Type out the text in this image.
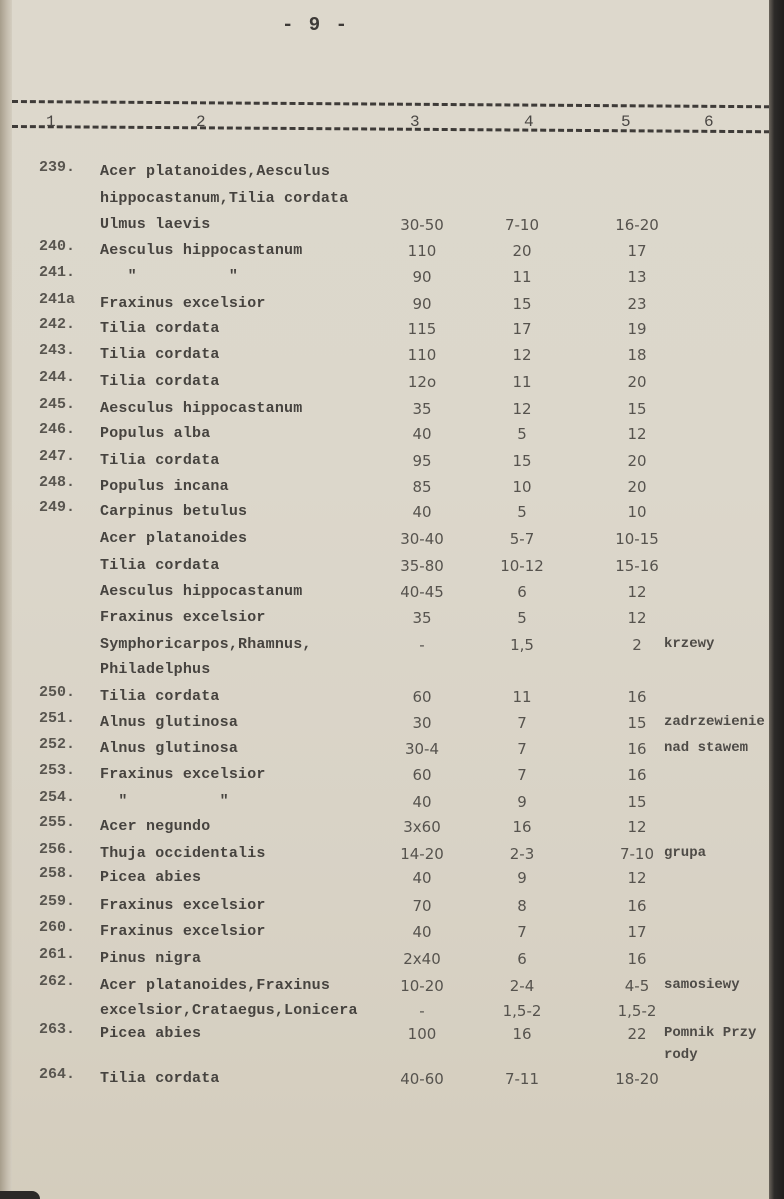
- 9 -
1	2	3	4	5	6
239. Acer platanoides,Aesculus
hippocastanum,Tilia cordata
Ulmus laevis	30-50	7-10	16-20
240. Aesculus hippocastanum	110	20	17
241. "          "	90	11	13
241a Fraxinus excelsior	90	15	23
242. Tilia cordata	115	17	19
243. Tilia cordata	110	12	18
244. Tilia cordata	12o	11	20
245. Aesculus hippocastanum	35	12	15
246. Populus alba	40	5	12
247. Tilia cordata	95	15	20
248. Populus incana	85	10	20
249. Carpinus betulus	40	5	10
Acer platanoides	30-40	5-7	10-15
Tilia cordata	35-80	10-12	15-16
Aesculus hippocastanum	40-45	6	12
Fraxinus excelsior	35	5	12
Symphoricarpos,Rhamnus,	-	1,5	2	krzewy
Philadelphus
250. Tilia cordata	60	11	16
251. Alnus glutinosa	30	7	15	zadrzewienie
252. Alnus glutinosa	30-4	7	16	nad stawem
253. Fraxinus excelsior	60	7	16
254. "          "	40	9	15
255. Acer negundo	3x60	16	12
256. Thuja occidentalis	14-20	2-3	7-10 grupa
258. Picea abies	40	9	12
259. Fraxinus excelsior	70	8	16
260. Fraxinus excelsior	40	7	17
261. Pinus nigra	2x40	6	16
262. Acer platanoides,Fraxinus	10-20	2-4	4-5	samosiewy
excelsior,Crataegus,Lonicera	-	1,5-2	1,5-2
263. Picea abies	100	16	22	Pomnik Przy
rody
264. Tilia cordata	40-60	7-11	18-20
